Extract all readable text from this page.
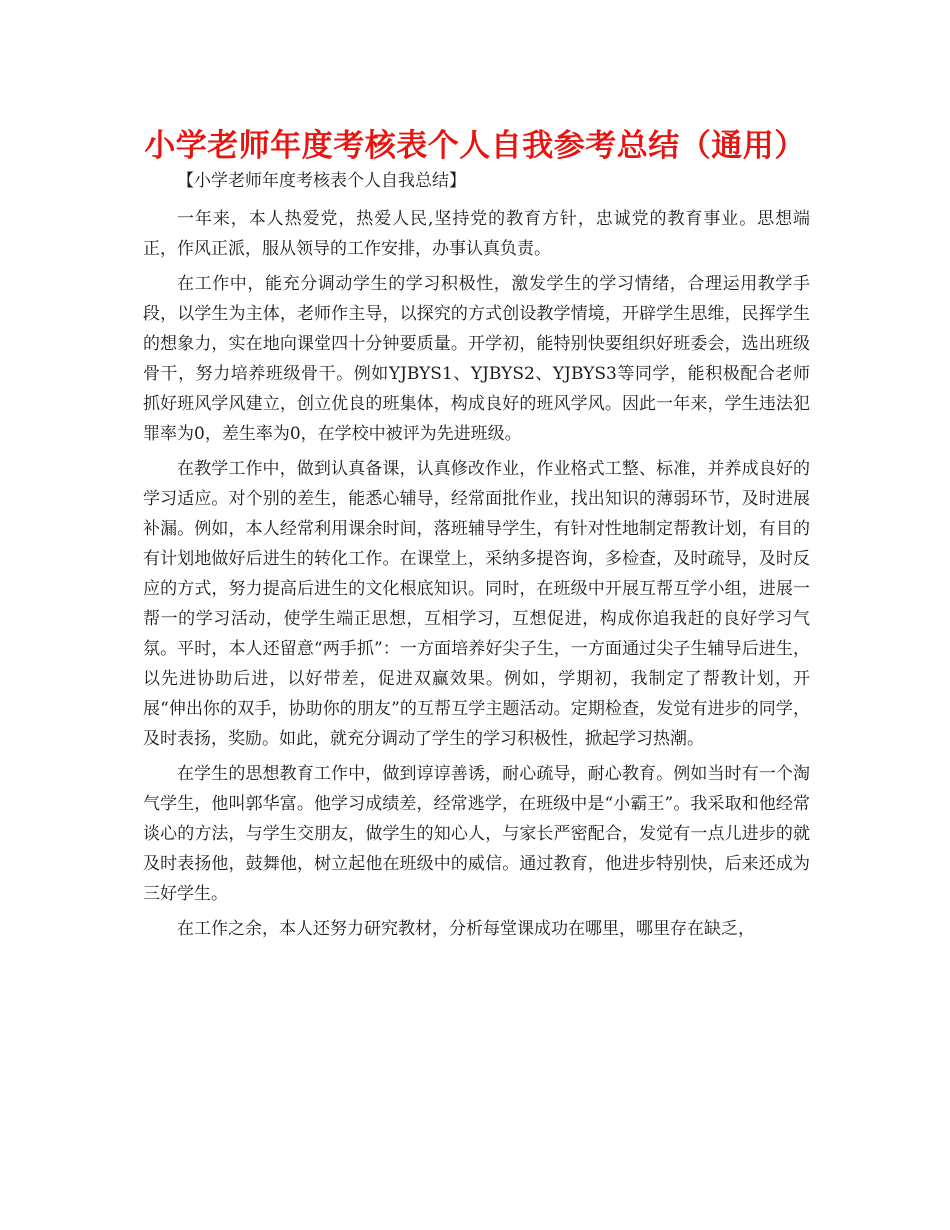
小学老师年度考核表个人自我参考总结（通用）

【小学老师年度考核表个人自我总结】

一年来，本人热爱党，热爱人民,坚持党的教育方针，忠诚党的教育事业。思想端正，作风正派，服从领导的工作安排，办事认真负责。

在工作中，能充分调动学生的学习积极性，激发学生的学习情绪，合理运用教学手段，以学生为主体，老师作主导，以探究的方式创设教学情境，开辟学生思维，民挥学生的想象力，实在地向课堂四十分钟要质量。开学初，能特别快要组织好班委会，选出班级骨干，努力培养班级骨干。例如YJBYS1、YJBYS2、YJBYS3等同学，能积极配合老师抓好班风学风建立，创立优良的班集体，构成良好的班风学风。因此一年来，学生违法犯罪率为0，差生率为0，在学校中被评为先进班级。

在教学工作中，做到认真备课，认真修改作业，作业格式工整、标准，并养成良好的学习适应。对个别的差生，能悉心辅导，经常面批作业，找出知识的薄弱环节，及时进展补漏。例如，本人经常利用课余时间，落班辅导学生，有针对性地制定帮教计划，有目的有计划地做好后进生的转化工作。在课堂上，采纳多提咨询，多检查，及时疏导，及时反应的方式，努力提高后进生的文化根底知识。同时，在班级中开展互帮互学小组，进展一帮一的学习活动，使学生端正思想，互相学习，互想促进，构成你追我赶的良好学习气氛。平时，本人还留意“两手抓”：一方面培养好尖子生，一方面通过尖子生辅导后进生，以先进协助后进，以好带差，促进双赢效果。例如，学期初，我制定了帮教计划，开展“伸出你的双手，协助你的朋友”的互帮互学主题活动。定期检查，发觉有进步的同学，及时表扬，奖励。如此，就充分调动了学生的学习积极性，掀起学习热潮。

在学生的思想教育工作中，做到谆谆善诱，耐心疏导，耐心教育。例如当时有一个淘气学生，他叫郭华富。他学习成绩差，经常逃学，在班级中是“小霸王”。我采取和他经常谈心的方法，与学生交朋友，做学生的知心人，与家长严密配合，发觉有一点儿进步的就及时表扬他，鼓舞他，树立起他在班级中的威信。通过教育，他进步特别快，后来还成为三好学生。

在工作之余，本人还努力研究教材，分析每堂课成功在哪里，哪里存在缺乏，
